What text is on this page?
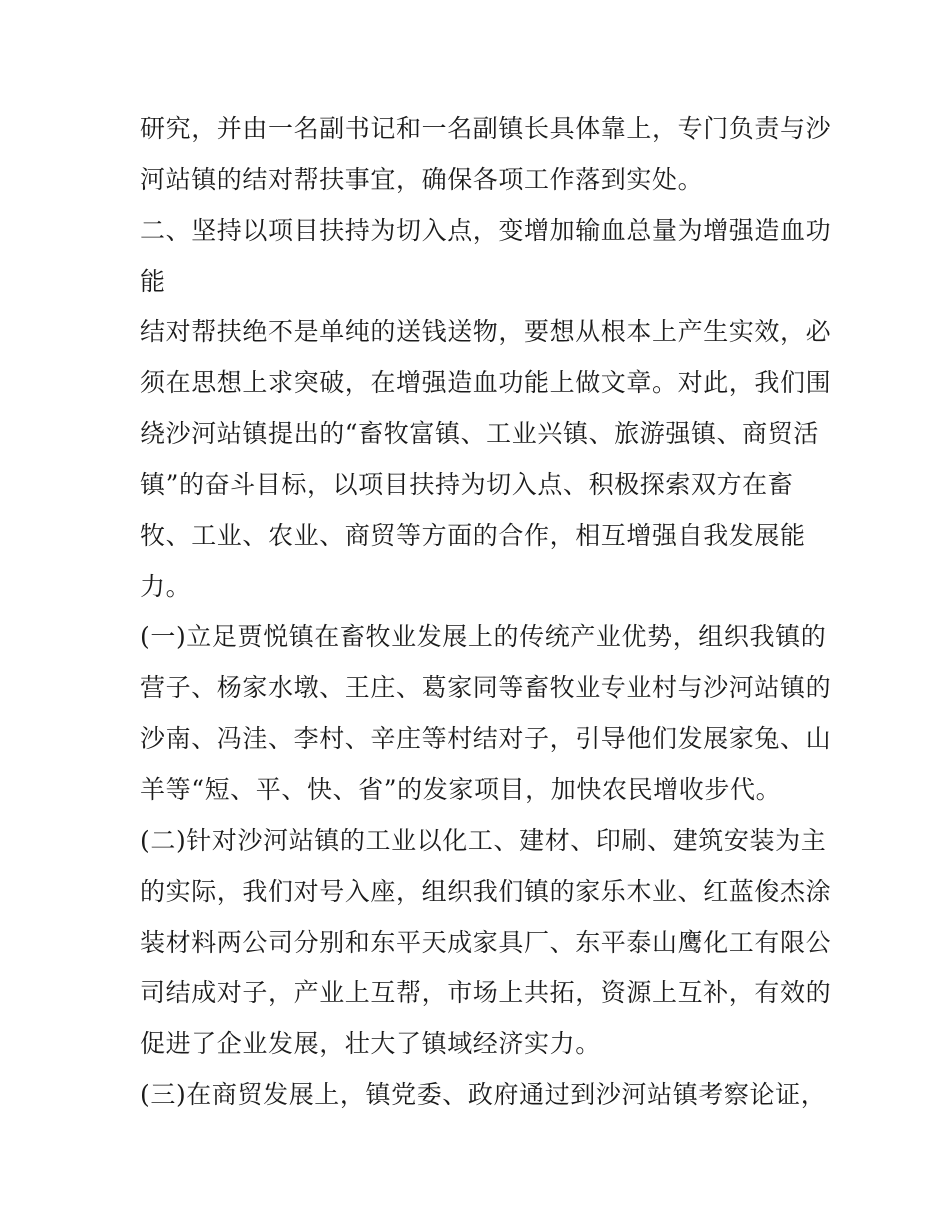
研究，并由一名副书记和一名副镇长具体靠上，专门负责与沙
河站镇的结对帮扶事宜，确保各项工作落到实处。
二、坚持以项目扶持为切入点，变增加输血总量为增强造血功
能
结对帮扶绝不是单纯的送钱送物，要想从根本上产生实效，必
须在思想上求突破，在增强造血功能上做文章。对此，我们围
绕沙河站镇提出的“畜牧富镇、工业兴镇、旅游强镇、商贸活
镇”的奋斗目标，以项目扶持为切入点、积极探索双方在畜
牧、工业、农业、商贸等方面的合作，相互增强自我发展能
力。
(一)立足贾悦镇在畜牧业发展上的传统产业优势，组织我镇的
营子、杨家水墩、王庄、葛家同等畜牧业专业村与沙河站镇的
沙南、冯洼、李村、辛庄等村结对子，引导他们发展家兔、山
羊等“短、平、快、省”的发家项目，加快农民增收步代。
(二)针对沙河站镇的工业以化工、建材、印刷、建筑安装为主
的实际，我们对号入座，组织我们镇的家乐木业、红蓝俊杰涂
装材料两公司分别和东平天成家具厂、东平泰山鹰化工有限公
司结成对子，产业上互帮，市场上共拓，资源上互补，有效的
促进了企业发展，壮大了镇域经济实力。
(三)在商贸发展上，镇党委、政府通过到沙河站镇考察论证，
